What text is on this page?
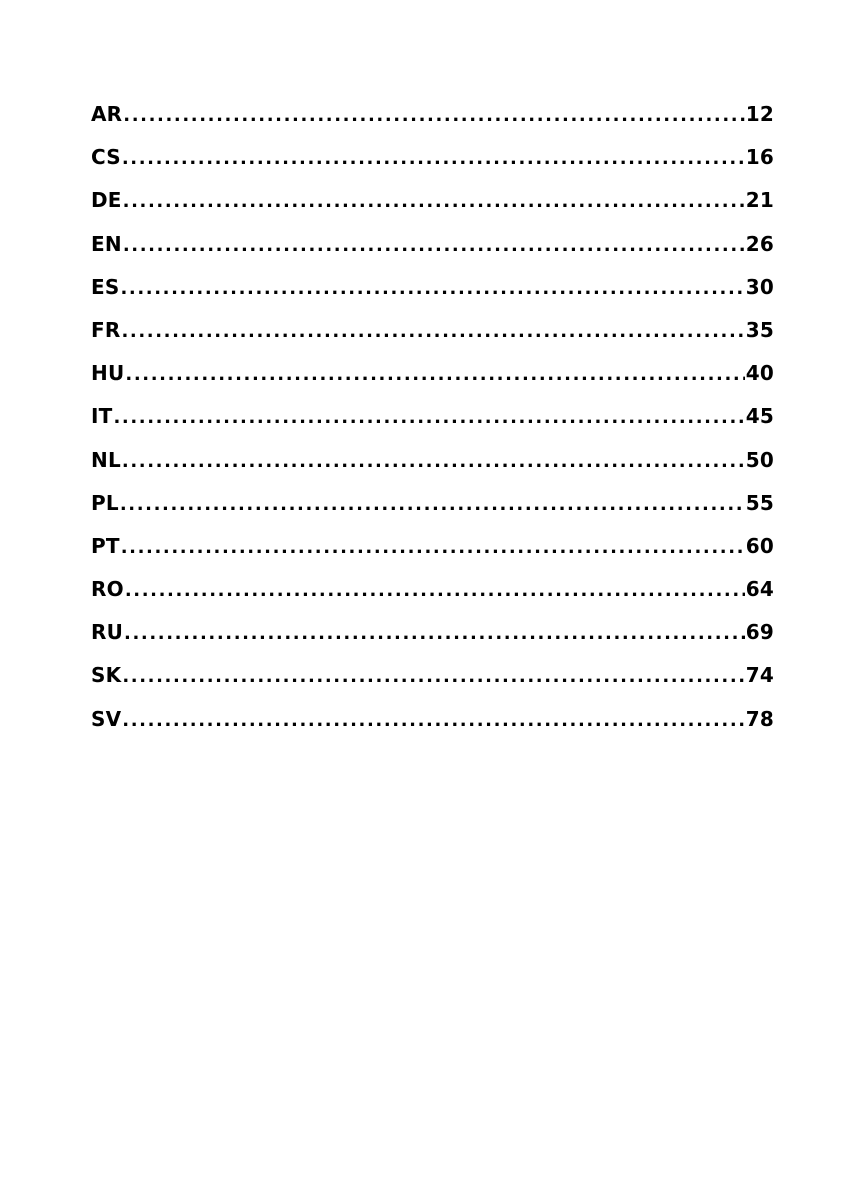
AR .....	12
CS .....	16
DE .....	21
EN .....	26
ES .....	30
FR .....	35
HU .....	40
IT .....	45
NL .....	50
PL .....	55
PT .....	60
RO .....	64
RU .....	69
SK .....	74
SV .....	78
